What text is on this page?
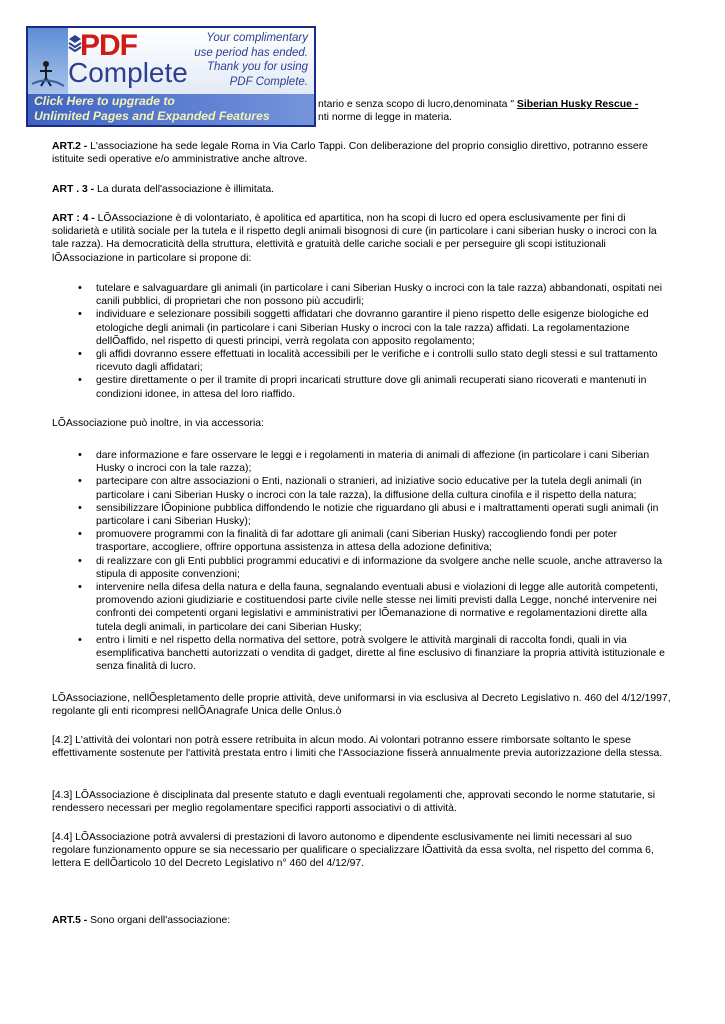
PDF
Complete
Your complimentary
use period has ended.
Thank you for using
PDF Complete.
Click Here to upgrade to
Unlimited Pages and Expanded Features

ntario e senza scopo di lucro,denominata " Siberian Husky Rescue -

nti norme di legge in materia.

ART.2 - L'associazione ha sede legale Roma in Via Carlo Tappi. Con deliberazione del proprio consiglio direttivo, potranno essere istituite sedi operative e/o amministrative anche altrove.

ART . 3 - La durata dell'associazione è illimitata.

ART : 4 - LÕAssociazione è di volontariato, è apolitica ed apartitica, non ha scopi di lucro ed opera esclusivamente per fini di solidarietà e utilità sociale per la tutela e il rispetto degli animali bisognosi di cure (in particolare i cani siberian husky o incroci con la tale razza). Ha democraticità della struttura, elettività e gratuità delle cariche sociali e per perseguire gli scopi istituzionali lÕAssociazione in particolare si propone di:

• tutelare e salvaguardare gli animali (in particolare i cani Siberian Husky o incroci con la tale razza) abbandonati, ospitati nei canili pubblici, di proprietari che non possono più accudirli;
• individuare e selezionare possibili soggetti affidatari che dovranno garantire il pieno rispetto delle esigenze biologiche ed etologiche degli animali (in particolare i cani Siberian Husky o incroci con la tale razza) affidati. La regolamentazione dellÕaffido, nel rispetto di questi principi, verrà regolata con apposito regolamento;
• gli affidi dovranno essere effettuati in località accessibili per le verifiche e i controlli sullo stato degli stessi e sul trattamento ricevuto dagli affidatari;
• gestire direttamente o per il tramite di propri incaricati strutture dove gli animali recuperati siano ricoverati e mantenuti in condizioni idonee, in attesa del loro riaffido.

LÕAssociazione può inoltre, in via accessoria:

• dare informazione e fare osservare le leggi e i regolamenti in materia di animali di affezione (in particolare i cani Siberian Husky o incroci con la tale razza);
• partecipare con altre associazioni o Enti, nazionali o stranieri, ad iniziative socio educative per la tutela degli animali (in particolare i cani Siberian Husky o incroci con la tale razza), la diffusione della cultura cinofila e il rispetto della natura;
• sensibilizzare lÕopinione pubblica diffondendo le notizie che riguardano gli abusi e i maltrattamenti operati sugli animali (in particolare i cani Siberian Husky);
• promuovere programmi con la finalità di far adottare gli animali (cani Siberian Husky) raccogliendo fondi per poter trasportare, accogliere, offrire opportuna assistenza in attesa della adozione definitiva;
• di realizzare con gli Enti pubblici programmi educativi e di informazione da svolgere anche nelle scuole, anche attraverso la stipula di apposite convenzioni;
• intervenire nella difesa della natura e della fauna, segnalando eventuali abusi e violazioni di legge alle autorità competenti, promovendo azioni giudiziarie e costituendosi parte civile nelle stesse nei limiti previsti dalla Legge, nonché intervenire nei confronti dei competenti organi legislativi e amministrativi per lÕemanazione di normative e regolamentazioni dirette alla tutela degli animali, in particolare dei cani Siberian Husky;
• entro i limiti e nel rispetto della normativa del settore, potrà svolgere le attività marginali di raccolta fondi, quali in via esemplificativa banchetti autorizzati o vendita di gadget, dirette al fine esclusivo di finanziare la propria attività istituzionale e senza finalità di lucro.

LÕAssociazione, nellÕespletamento delle proprie attività, deve uniformarsi in via esclusiva al Decreto Legislativo n. 460 del 4/12/1997, regolante gli enti ricompresi nellÕAnagrafe Unica delle Onlus.ò

[4.2] L'attività dei volontari non potrà essere retribuita in alcun modo. Ai volontari potranno essere rimborsate soltanto le spese effettivamente sostenute per l'attività prestata entro i limiti che l'Associazione fisserà annualmente previa autorizzazione della stessa.

[4.3] LÕAssociazione è disciplinata dal presente statuto e dagli eventuali regolamenti che, approvati secondo le norme statutarie, si rendessero necessari per meglio regolamentare specifici rapporti associativi o di attività.

[4.4] LÕAssociazione potrà avvalersi di prestazioni di lavoro autonomo e dipendente esclusivamente nei limiti necessari al suo regolare funzionamento oppure se sia necessario per qualificare o specializzare lÕattività da essa svolta, nel rispetto del comma 6, lettera E dellÕarticolo 10 del Decreto Legislativo n° 460 del 4/12/97.

ART.5 - Sono organi dell'associazione:
